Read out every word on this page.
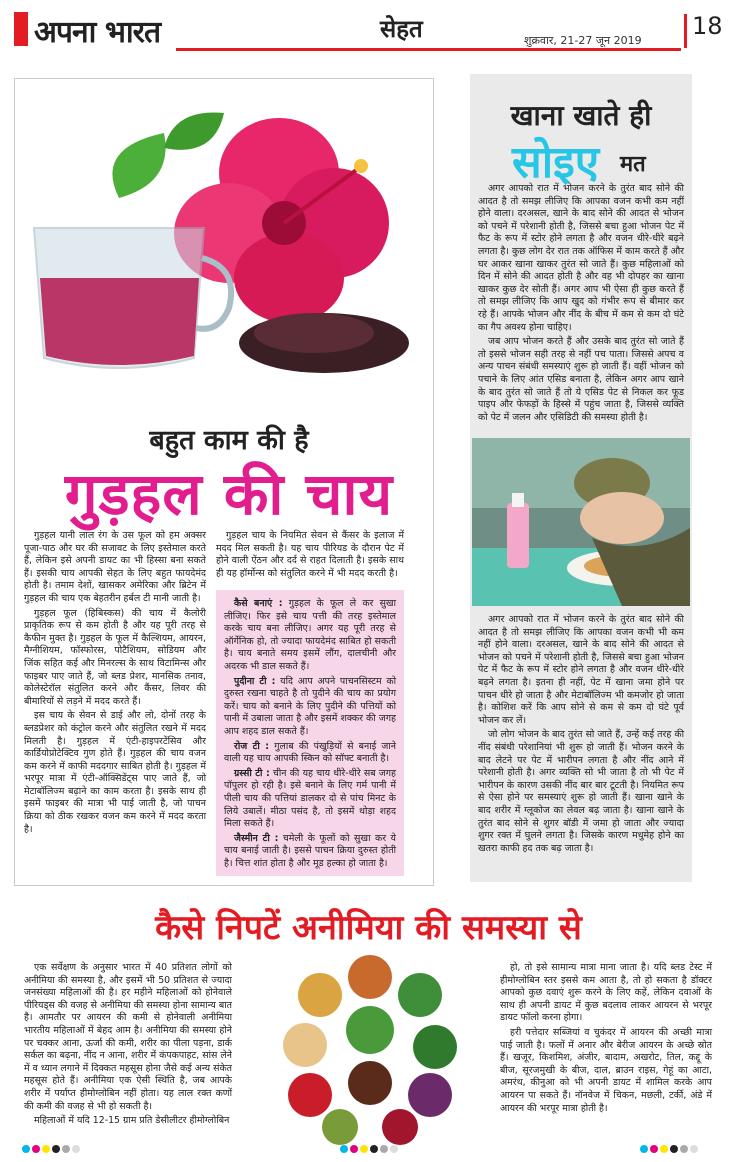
अपना भारत	सेहत	शुक्रवार, 21-27 जून 2019
18
बहुत काम की है
गुड़हल की चाय

गुड़हल यानी लाल रंग के उस फूल को हम अक्सर पूजा-पाठ और घर की सजावट के लिए इस्तेमाल करते हैं, लेकिन इसे अपनी डायट का भी हिस्सा बना सकते हैं। इसकी चाय आपकी सेहत के लिए बहुत फायदेमंद होती है। तमाम देशों, खासकर अमेरिका और ब्रिटेन में गुड़हल की चाय एक बेहतरीन हर्बल टी मानी जाती है।

गुड़हल फूल (हिबिस्कस) की चाय में कैलोरी प्राकृतिक रूप से कम होती है और यह पूरी तरह से कैफीन मुक्त है। गुड़हल के फूल में कैल्शियम, आयरन, मैग्नीशियम, फॉस्फोरस, पोटैशियम, सोडियम और जिंक सहित कई और मिनरल्स के साथ विटामिन्स और फाइबर पाए जाते हैं, जो ब्लड प्रेशर, मानसिक तनाव, कोलेस्टेरॉल संतुलित करने और कैंसर, लिवर की बीमारियों से लड़ने में मदद करते हैं।

इस चाय के सेवन से डाई और लो, दोनों तरह के ब्लडप्रेशर को कंट्रोल करने और संतुलित रखने में मदद मिलती है। गुड़हल में एंटी-हाइपरटेंसिव और कार्डियोप्रोटेक्टिव गुण होते हैं। गुड़हल की चाय वजन कम करने में काफी मददगार साबित होती है। गुड़हल में भरपूर मात्रा में एंटी-ऑक्सिडेंट्स पाए जाते हैं, जो मेटाबॉलिज्म बढ़ाने का काम करता है। इसके साथ ही इसमें फाइबर की मात्रा भी पाई जाती है, जो पाचन क्रिया को ठीक रखकर वजन कम करने में मदद करता है।

गुड़हल चाय के नियमित सेवन से कैंसर के इलाज में मदद मिल सकती है। यह चाय पीरियड के दौरान पेट में होने वाली ऐंठन और दर्द से राहत दिलाती है। इसके साथ ही यह हॉर्मोन्स को संतुलित करने में भी मदद करती है।

कैसे बनाएं : गुड़हल के फूल ले कर सुखा लीजिए। फिर इसे चाय पत्ती की तरह इस्तेमाल करके चाय बना लीजिए। अगर यह पूरी तरह से ऑर्गेनिक हो, तो ज्यादा फायदेमंद साबित हो सकती है। चाय बनाते समय इसमें लौंग, दालचीनी और अदरक भी डाल सकते हैं।

पुदीना टी : यदि आप अपने पाचनसिस्टम को दुरुस्त रखना चाहते है तो पुदीने की चाय का प्रयोग करें। चाय को बनाने के लिए पुदीने की पत्तियों को पानी में उबाला जाता है और इसमें शक्कर की जगह आप शहद डाल सकते हैं।

रोज टी : गुलाब की पंखुड़ियों से बनाई जाने वाली यह चाय आपकी स्किन को सॉफ्ट बनाती है।

ग्रस्सी टी : चीन की यह चाय धीरे-धीरे सब जगह पॉपुलर हो रही है। इसे बनाने के लिए गर्म पानी में पीली चाय की पत्तियां डालकर दो से पांच मिनट के लिये उबालें। मीठा पसंद है, तो इसमें थोड़ा शहद मिला सकते हैं।

जैस्मीन टी : चमेली के फूलों को सुखा कर ये चाय बनाई जाती है। इससे पाचन क्रिया दुरुस्त होती है। चित्त शांत होता है और मूड हल्का हो जाता है।

खाना खाते ही
सोइए मत

अगर आपको रात में भोजन करने के तुरंत बाद सोने की आदत है तो समझ लीजिए कि आपका वजन कभी कम नहीं होने वाला। दरअसल, खाने के बाद सोने की आदत से भोजन को पचने में परेशानी होती है, जिससे बचा हुआ भोजन पेट में फैट के रूप में स्टोर होने लगता है और वजन धीरे-धीरे बढ़ने लगता है। कुछ लोग देर रात तक ऑफिस में काम करते हैं और घर आकर खाना खाकर तुरंत सो जाते हैं। कुछ महिलाओं को दिन में सोने की आदत होती है और वह भी दोपहर का खाना खाकर कुछ देर सोती हैं। अगर आप भी ऐसा ही कुछ करते हैं तो समझ लीजिए कि आप खुद को गंभीर रूप से बीमार कर रहे हैं। आपके भोजन और नींद के बीच में कम से कम दो घंटे का गैप अवश्य होना चाहिए।

जब आप भोजन करते हैं और उसके बाद तुरंत सो जाते हैं तो इससे भोजन सही तरह से नहीं पच पाता। जिससे अपच व अन्य पाचन संबंधी समस्याएं शुरू हो जाती हैं। वहीं भोजन को पचाने के लिए आंत एसिड बनाता है, लेकिन अगर आप खाने के बाद तुरंत सो जाते हैं तो ये एसिड पेट से निकल कर फूड पाइप और फेफड़ों के हिस्से में पहुंच जाता है, जिससे व्यक्ति को पेट में जलन और एसिडिटी की समस्या होती है।

अगर आपको रात में भोजन करने के तुरंत बाद सोने की आदत है तो समझ लीजिए कि आपका वजन कभी भी कम नहीं होने वाला। दरअसल, खाने के बाद सोने की आदत से भोजन को पचने में परेशानी होती है, जिससे बचा हुआ भोजन पेट में फैट के रूप में स्टोर होने लगता है और वजन धीरे-धीरे बढ़ने लगता है। इतना ही नहीं, पेट में खाना जमा होने पर पाचन धीरे हो जाता है और मेटाबॉलिज्म भी कमजोर हो जाता है। कोशिश करें कि आप सोने से कम से कम दो घंटे पूर्व भोजन कर लें।

जो लोग भोजन के बाद तुरंत सो जाते हैं, उन्हें कई तरह की नींद संबंधी परेशानियां भी शुरू हो जाती हैं। भोजन करने के बाद लेटने पर पेट में भारीपन लगता है और नींद आने में परेशानी होती है। अगर व्यक्ति सो भी जाता है तो भी पेट में भारीपन के कारण उसकी नींद बार बार टूटती है। नियमित रूप से ऐसा होने पर समस्याएं शुरू हो जाती हैं। खाना खाने के बाद शरीर में ग्लूकोज का लेवल बढ़ जाता है। खाना खाने के तुरंत बाद सोने से शुगर बॉडी में जमा हो जाता और ज्यादा शुगर रक्त में घुलने लगता है। जिसके कारण मधुमेह होने का खतरा काफी हद तक बढ़ जाता है।

कैसे निपटें अनीमिया की समस्या से

एक सर्वेक्षण के अनुसार भारत में 40 प्रतिशत लोगों को अनीमिया की समस्या है, और इसमें भी 50 प्रतिशत से ज्यादा जनसंख्या महिलाओं की है। हर महीने महिलाओं को होनेवाले पीरियड्स की वजह से अनीमिया की समस्या होना सामान्य बात है। आमतौर पर आयरन की कमी से होनेवाली अनीमिया भारतीय महिलाओं में बेहद आम है। अनीमिया की समस्या होने पर चक्कर आना, ऊर्जा की कमी, शरीर का पीला पड़ना, डार्क सर्कल का बढ़ना, नींद न आना, शरीर में कंपकपाहट, सांस लेने में व ध्यान लगाने में दिक्कत महसूस होना जैसे कई अन्य संकेत महसूस होते हैं। अनीमिया एक ऐसी स्थिति है, जब आपके शरीर में पर्याप्त हीमोग्लोबिन नहीं होता। यह लाल रक्त कणों की कमी की वजह से भी हो सकती है।

महिलाओं में यदि 12-15 ग्राम प्रति डेसीलीटर हीमोग्लोबिन

हो, तो इसे सामान्य मात्रा माना जाता है। यदि ब्लड टेस्ट में हीमोग्लोबिन स्तर इससे कम आता है, तो हो सकता है डॉक्टर आपको कुछ दवाएं शुरू करने के लिए कहें, लेकिन दवाओं के साथ ही अपनी डायट में कुछ बदलाव लाकर आयरन से भरपूर डायट फॉलो करना होगा।

हरी पत्तेदार सब्जियां व चुकंदर में आयरन की अच्छी मात्रा पाई जाती है। फलों में अनार और बेरीज आयरन के अच्छे स्रोत हैं। खजूर, किशमिश, अंजीर, बादाम, अखरोट, तिल, कद्दू के बीज, सूरजमुखी के बीज, दाल, ब्राउन राइस, गेहूं का आटा, अमरंथ, कीनुआ को भी अपनी डायट में शामिल करके आप आयरन पा सकते हैं। नॉनवेज में चिकन, मछली, टर्की, अंडे में आयरन की भरपूर मात्रा होती है।
